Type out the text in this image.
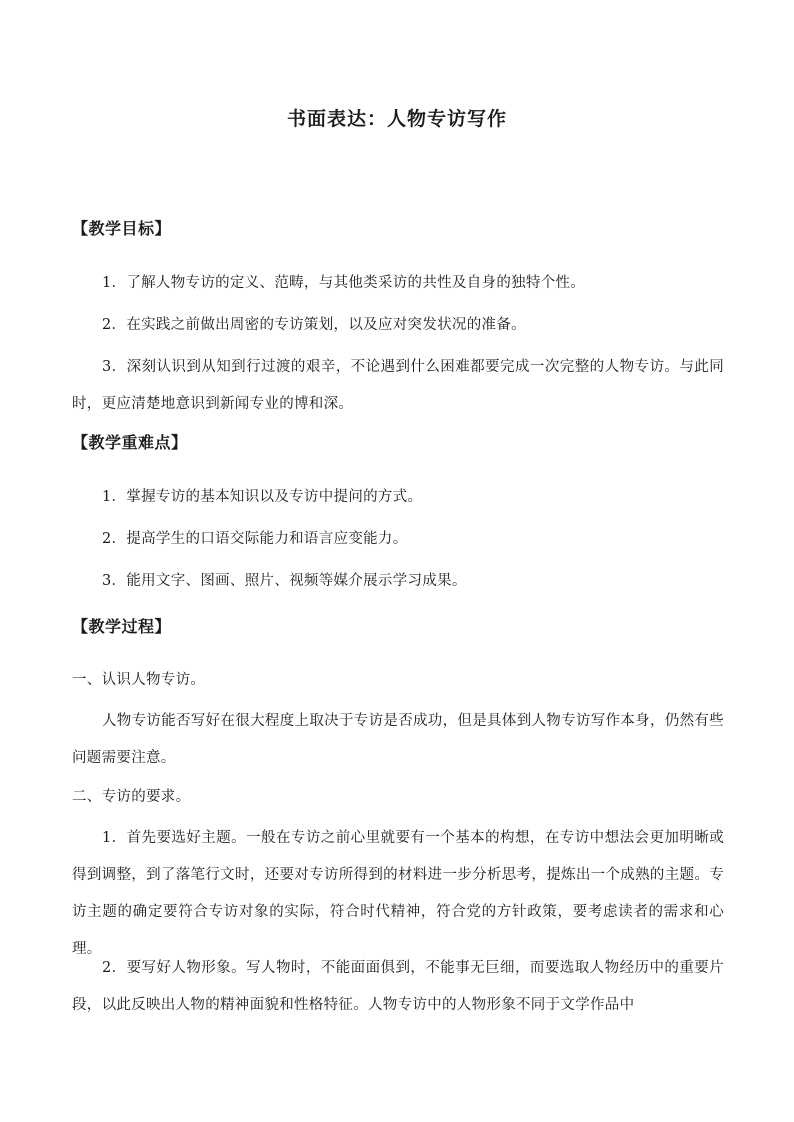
书面表达：人物专访写作
【教学目标】
1．了解人物专访的定义、范畴，与其他类采访的共性及自身的独特个性。
2．在实践之前做出周密的专访策划，以及应对突发状况的准备。
3．深刻认识到从知到行过渡的艰辛，不论遇到什么困难都要完成一次完整的人物专访。与此同时，更应清楚地意识到新闻专业的博和深。
【教学重难点】
1．掌握专访的基本知识以及专访中提问的方式。
2．提高学生的口语交际能力和语言应变能力。
3．能用文字、图画、照片、视频等媒介展示学习成果。
【教学过程】
一、认识人物专访。
人物专访能否写好在很大程度上取决于专访是否成功，但是具体到人物专访写作本身，仍然有些问题需要注意。
二、专访的要求。
1．首先要选好主题。一般在专访之前心里就要有一个基本的构想，在专访中想法会更加明晰或得到调整，到了落笔行文时，还要对专访所得到的材料进一步分析思考，提炼出一个成熟的主题。专访主题的确定要符合专访对象的实际，符合时代精神，符合党的方针政策，要考虑读者的需求和心理。
2．要写好人物形象。写人物时，不能面面俱到，不能事无巨细，而要选取人物经历中的重要片段，以此反映出人物的精神面貌和性格特征。人物专访中的人物形象不同于文学作品中
